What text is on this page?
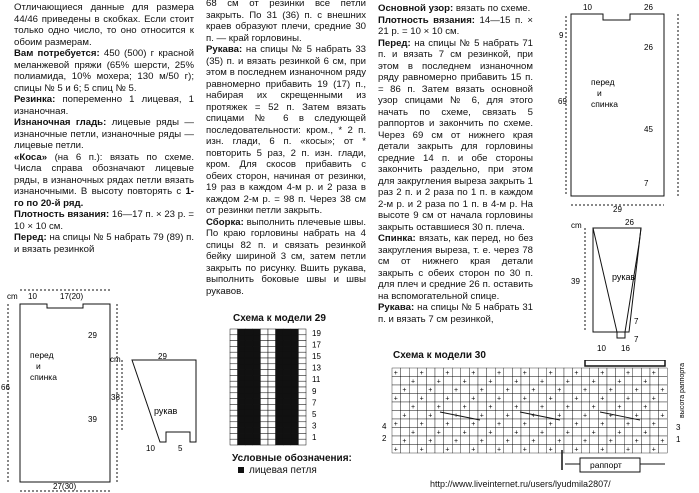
Отличающиеся данные для размера 44/46 приведены в скобках. Если стоит только одно число, то оно относится к обоим размерам.

Вам потребуется: 450 (500) г красной меланжевой пряжи (65% шерсти, 25% полиамида, 10% мохера; 130 м/50 г); спицы № 5 и 6; 5 спиц № 5.

Резинка: попеременно 1 лицевая, 1 изнаночная.

Изнаночная гладь: лицевые ряды — изнаночные петли, изнаночные ряды — лицевые петли.

«Коса» (на 6 п.): вязать по схеме. Числа справа обозначают лицевые ряды, в изнаночных рядах петли вязать изнаночными. В высоту повторять с 1-го по 20-й ряд.

Плотность вязания: 16—17 п. × 23 р. = 10 × 10 см.

Перед: на спицы № 5 набрать 79 (89) п. и вязать резинкой

68 см от резинки все петли закрыть. По 31 (36) п. с внешних краев образуют плечи, средние 30 п. — край горловины.

Рукава: на спицы № 5 набрать 33 (35) п. и вязать резинкой 6 см, при этом в последнем изнаночном ряду равномерно прибавить 19 (17) п., набирая их скрещенными из протяжек = 52 п. Затем вязать спицами № 6 в следующей последовательности: кром., * 2 п. изн. глади, 6 п. «косы»; от * повторить 5 раз, 2 п. изн. глади, кром. Для скосов прибавить с обеих сторон, начиная от резинки, 19 раз в каждом 4-м р. и 2 раза в каждом 2-м р. = 98 п. Через 38 см от резинки петли закрыть.

Сборка: выполнить плечевые швы. По краю горловины набрать на 4 спицы 82 п. и связать резинкой бейку шириной 3 см, затем петли закрыть по рисунку. Вшить рукава, выполнить боковые швы и швы рукавов.

Основной узор: вязать по схеме.

Плотность вязания: 14—15 п. × 21 р. = 10 × 10 см.

Перед: на спицы № 5 набрать 71 п. и вязать 7 см резинкой, при этом в последнем изнаночном ряду равномерно прибавить 15 п. = 86 п. Затем вязать основной узор спицами № 6, для этого начать по схеме, связать 5 раппортов и закончить по схеме. Через 69 см от нижнего края детали закрыть для горловины средние 14 п. и обе стороны закончить раздельно, при этом для закругления выреза закрыть 1 раз 2 п. и 2 раза по 1 п. в каждом 2-м р. и 2 раза по 1 п. в 4-м р. На высоте 9 см от начала горловины закрыть оставшиеся 30 п. плеча.

Спинка: вязать, как перед, но без закругления выреза, т. е. через 78 см от нижнего края детали закрыть с обеих сторон по 30 п. для плеч и средние 26 п. оставить на вспомогательной спице.

Рукава: на спицы № 5 набрать 31 п. и вязать 7 см резинкой,

cm 10	17(20)
66
29
39
перед и спинка
27(30)
cm	29
38
рукав
10	5
Схема к модели 29
19
17
15
13
11
9
7
5
3
1
Условные обозначения:
лицевая петля
10	26
9
26
69
45
7
перед и спинка
29
cm	26
39	рукав
7
7
10 16
Схема к модели 30
+	+	+	+	+	+	+	+	+	+	+
+	+	+	+	+	+	+	+	+	+
+	+	+	+	+	+	+	+	+	+	+
+	+	+	+	+	+	+	+	+	+	+
+	+	+	+	+	+	+	+	+	+
+	+	+	+	+	+	+	+	+	+	+
+	+	+	+	+	+	+	+	+	+	+
+	+	+	+	+	+	+	+	+	+
+	+	+	+	+	+	+	+	+	+	+
+	+	+	+	+	+	+	+	+	+	+
4
2
3
1
высота раппорта
раппорт
http://www.liveinternet.ru/users/lyudmila2807/
